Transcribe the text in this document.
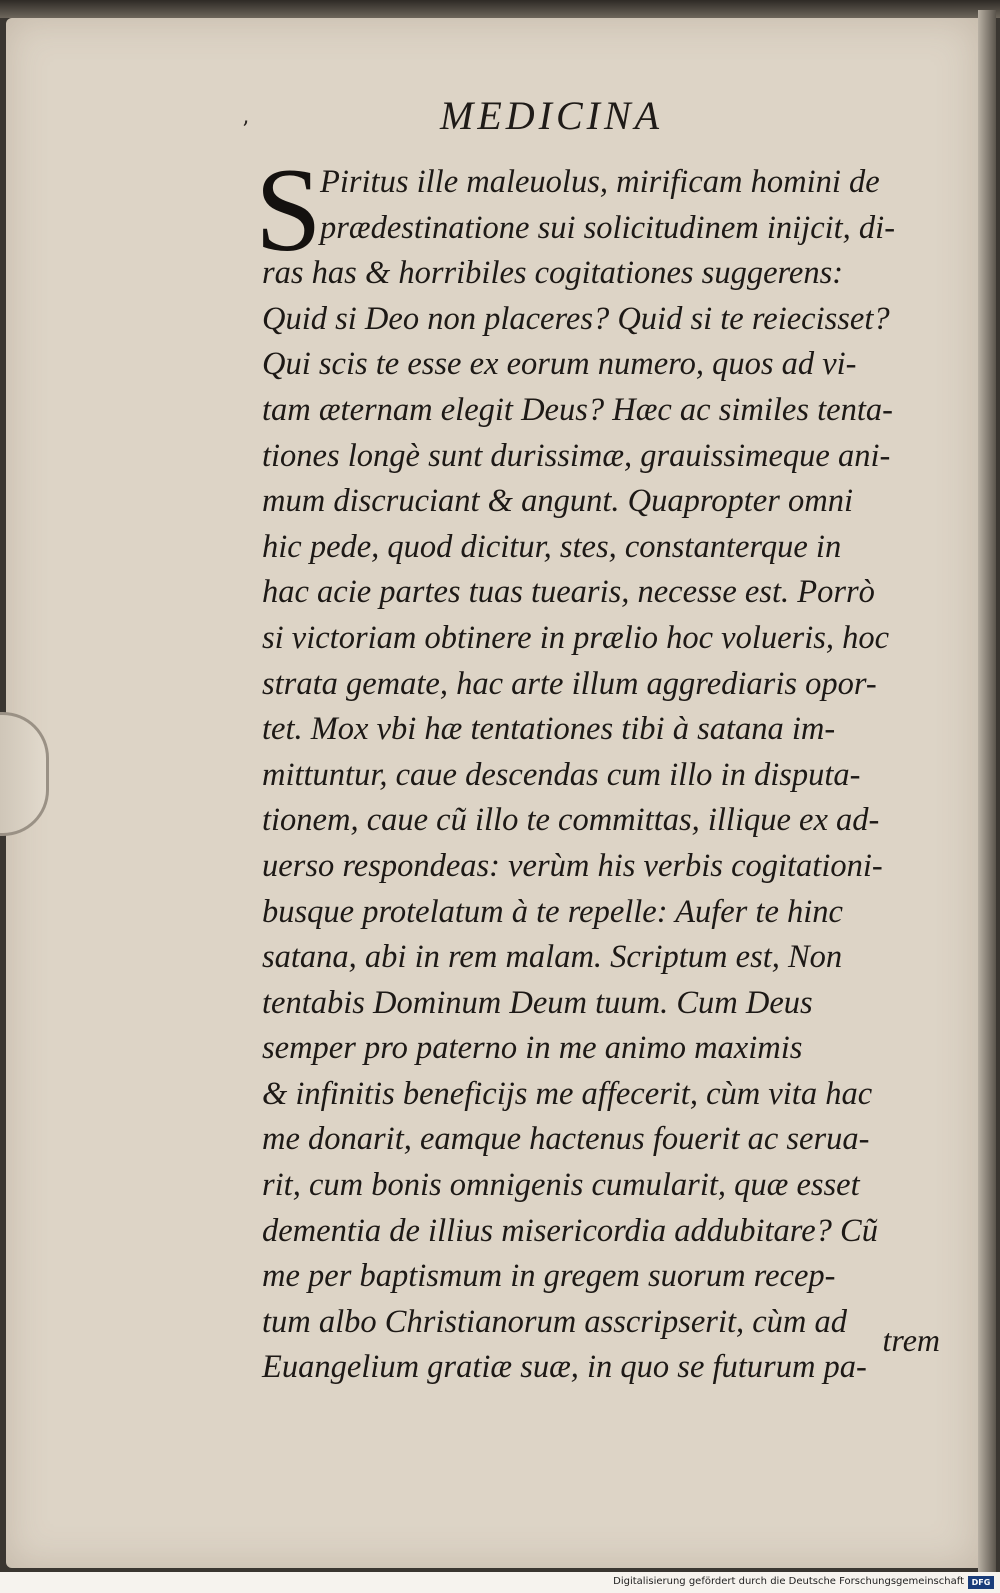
’	MEDICINA
S
Piritus ille maleuolus, mirificam homini de
prædestinatione sui solicitudinem inijcit, di-
ras has & horribiles cogitationes suggerens:
Quid si Deo non placeres? Quid si te reiecisset?
Qui scis te esse ex eorum numero, quos ad vi-
tam æternam elegit Deus? Hæc ac similes tenta-
tiones longè sunt durissimæ, grauissimeque ani-
mum discruciant & angunt. Quapropter omni
hic pede, quod dicitur, stes, constanterque in
hac acie partes tuas tuearis, necesse est. Porrò
si victoriam obtinere in prælio hoc volueris, hoc
strata gemate, hac arte illum aggrediaris opor-
tet. Mox vbi hæ tentationes tibi à satana im-
mittuntur, caue descendas cum illo in disputa-
tionem, caue cũ illo te committas, illique ex ad-
uerso respondeas: verùm his verbis cogitationi-
busque protelatum à te repelle: Aufer te hinc
satana, abi in rem malam. Scriptum est, Non
tentabis Dominum Deum tuum. Cum Deus
semper pro paterno in me animo maximis
& infinitis beneficijs me affecerit, cùm vita hac
me donarit, eamque hactenus fouerit ac serua-
rit, cum bonis omnigenis cumularit, quæ esset
dementia de illius misericordia addubitare? Cũ
me per baptismum in gregem suorum recep-
tum albo Christianorum asscripserit, cùm ad
Euangelium gratiæ suæ, in quo se futurum pa-
trem
Digitalisierung gefördert durch die Deutsche Forschungsgemeinschaft DFG
